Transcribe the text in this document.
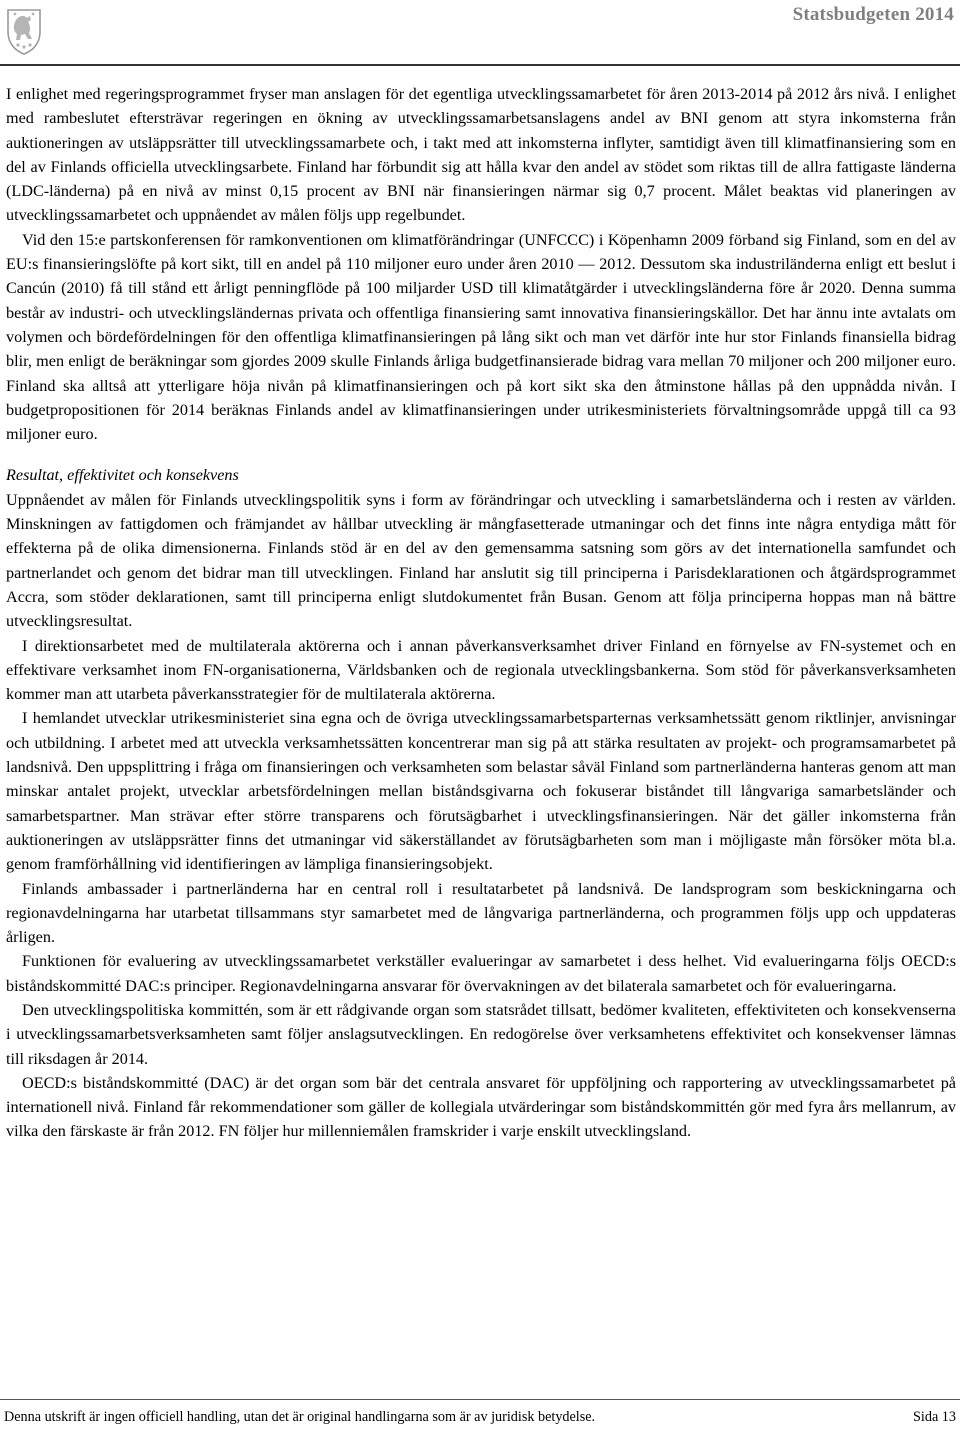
Statsbudgeten 2014

I enlighet med regeringsprogrammet fryser man anslagen för det egentliga utvecklingssamarbetet för åren 2013-2014 på 2012 års nivå. I enlighet med rambeslutet eftersträvar regeringen en ökning av utvecklingssamarbetsanslagens andel av BNI genom att styra inkomsterna från auktioneringen av utsläppsrätter till utvecklingssamarbete och, i takt med att inkomsterna inflyter, samtidigt även till klimatfinansiering som en del av Finlands officiella utvecklingsarbete. Finland har förbundit sig att hålla kvar den andel av stödet som riktas till de allra fattigaste länderna (LDC-länderna) på en nivå av minst 0,15 procent av BNI när finansieringen närmar sig 0,7 procent. Målet beaktas vid planeringen av utvecklingssamarbetet och uppnåendet av målen följs upp regelbundet.

Vid den 15:e partskonferensen för ramkonventionen om klimatförändringar (UNFCCC) i Köpenhamn 2009 förband sig Finland, som en del av EU:s finansieringslöfte på kort sikt, till en andel på 110 miljoner euro under åren 2010 — 2012. Dessutom ska industriländerna enligt ett beslut i Cancún (2010) få till stånd ett årligt penningflöde på 100 miljarder USD till klimatåtgärder i utvecklingsländerna före år 2020. Denna summa består av industri- och utvecklingsländernas privata och offentliga finansiering samt innovativa finansieringskällor. Det har ännu inte avtalats om volymen och bördefördelningen för den offentliga klimatfinansieringen på lång sikt och man vet därför inte hur stor Finlands finansiella bidrag blir, men enligt de beräkningar som gjordes 2009 skulle Finlands årliga budgetfinansierade bidrag vara mellan 70 miljoner och 200 miljoner euro. Finland ska alltså att ytterligare höja nivån på klimatfinansieringen och på kort sikt ska den åtminstone hållas på den uppnådda nivån. I budgetpropositionen för 2014 beräknas Finlands andel av klimatfinansieringen under utrikesministeriets förvaltningsområde uppgå till ca 93 miljoner euro.

Resultat, effektivitet och konsekvens

Uppnåendet av målen för Finlands utvecklingspolitik syns i form av förändringar och utveckling i samarbetsländerna och i resten av världen. Minskningen av fattigdomen och främjandet av hållbar utveckling är mångfasetterade utmaningar och det finns inte några entydiga mått för effekterna på de olika dimensionerna. Finlands stöd är en del av den gemensamma satsning som görs av det internationella samfundet och partnerlandet och genom det bidrar man till utvecklingen. Finland har anslutit sig till principerna i Parisdeklarationen och åtgärdsprogrammet Accra, som stöder deklarationen, samt till principerna enligt slutdokumentet från Busan. Genom att följa principerna hoppas man nå bättre utvecklingsresultat.

I direktionsarbetet med de multilaterala aktörerna och i annan påverkansverksamhet driver Finland en förnyelse av FN-systemet och en effektivare verksamhet inom FN-organisationerna, Världsbanken och de regionala utvecklingsbankerna. Som stöd för påverkansverksamheten kommer man att utarbeta påverkansstrategier för de multilaterala aktörerna.

I hemlandet utvecklar utrikesministeriet sina egna och de övriga utvecklingssamarbetsparternas verksamhetssätt genom riktlinjer, anvisningar och utbildning. I arbetet med att utveckla verksamhetssätten koncentrerar man sig på att stärka resultaten av projekt- och programsamarbetet på landsnivå. Den uppsplittring i fråga om finansieringen och verksamheten som belastar såväl Finland som partnerländerna hanteras genom att man minskar antalet projekt, utvecklar arbetsfördelningen mellan biståndsgivarna och fokuserar biståndet till långvariga samarbetsländer och samarbetspartner. Man strävar efter större transparens och förutsägbarhet i utvecklingsfinansieringen. När det gäller inkomsterna från auktioneringen av utsläppsrätter finns det utmaningar vid säkerställandet av förutsägbarheten som man i möjligaste mån försöker möta bl.a. genom framförhållning vid identifieringen av lämpliga finansieringsobjekt.

Finlands ambassader i partnerländerna har en central roll i resultatarbetet på landsnivå. De landsprogram som beskickningarna och regionavdelningarna har utarbetat tillsammans styr samarbetet med de långvariga partnerländerna, och programmen följs upp och uppdateras årligen.

Funktionen för evaluering av utvecklingssamarbetet verkställer evalueringar av samarbetet i dess helhet. Vid evalueringarna följs OECD:s biståndskommitté DAC:s principer. Regionavdelningarna ansvarar för övervakningen av det bilaterala samarbetet och för evalueringarna.

Den utvecklingspolitiska kommittén, som är ett rådgivande organ som statsrådet tillsatt, bedömer kvaliteten, effektiviteten och konsekvenserna i utvecklingssamarbetsverksamheten samt följer anslagsutvecklingen. En redogörelse över verksamhetens effektivitet och konsekvenser lämnas till riksdagen år 2014.

OECD:s biståndskommitté (DAC) är det organ som bär det centrala ansvaret för uppföljning och rapportering av utvecklingssamarbetet på internationell nivå. Finland får rekommendationer som gäller de kollegiala utvärderingar som biståndskommittén gör med fyra års mellanrum, av vilka den färskaste är från 2012. FN följer hur millenniemålen framskrider i varje enskilt utvecklingsland.

Denna utskrift är ingen officiell handling, utan det är original handlingarna som är av juridisk betydelse.	Sida 13
